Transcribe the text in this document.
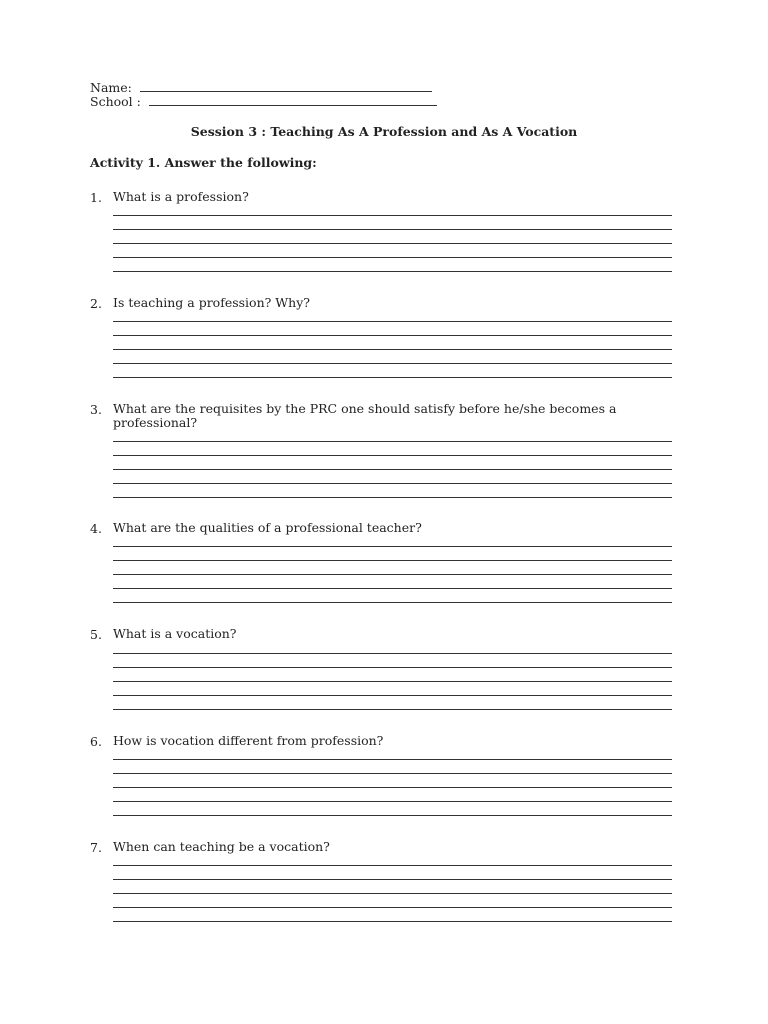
Name:
School :
Session 3 : Teaching As A Profession and As A Vocation
Activity 1. Answer the following:
1. What is a profession?
2. Is teaching a profession? Why?
3. What are the requisites by the PRC one should satisfy before he/she becomes a professional?
4. What are the qualities of a professional teacher?
5. What is a vocation?
6. How is vocation different from profession?
7. When can teaching be a vocation?
